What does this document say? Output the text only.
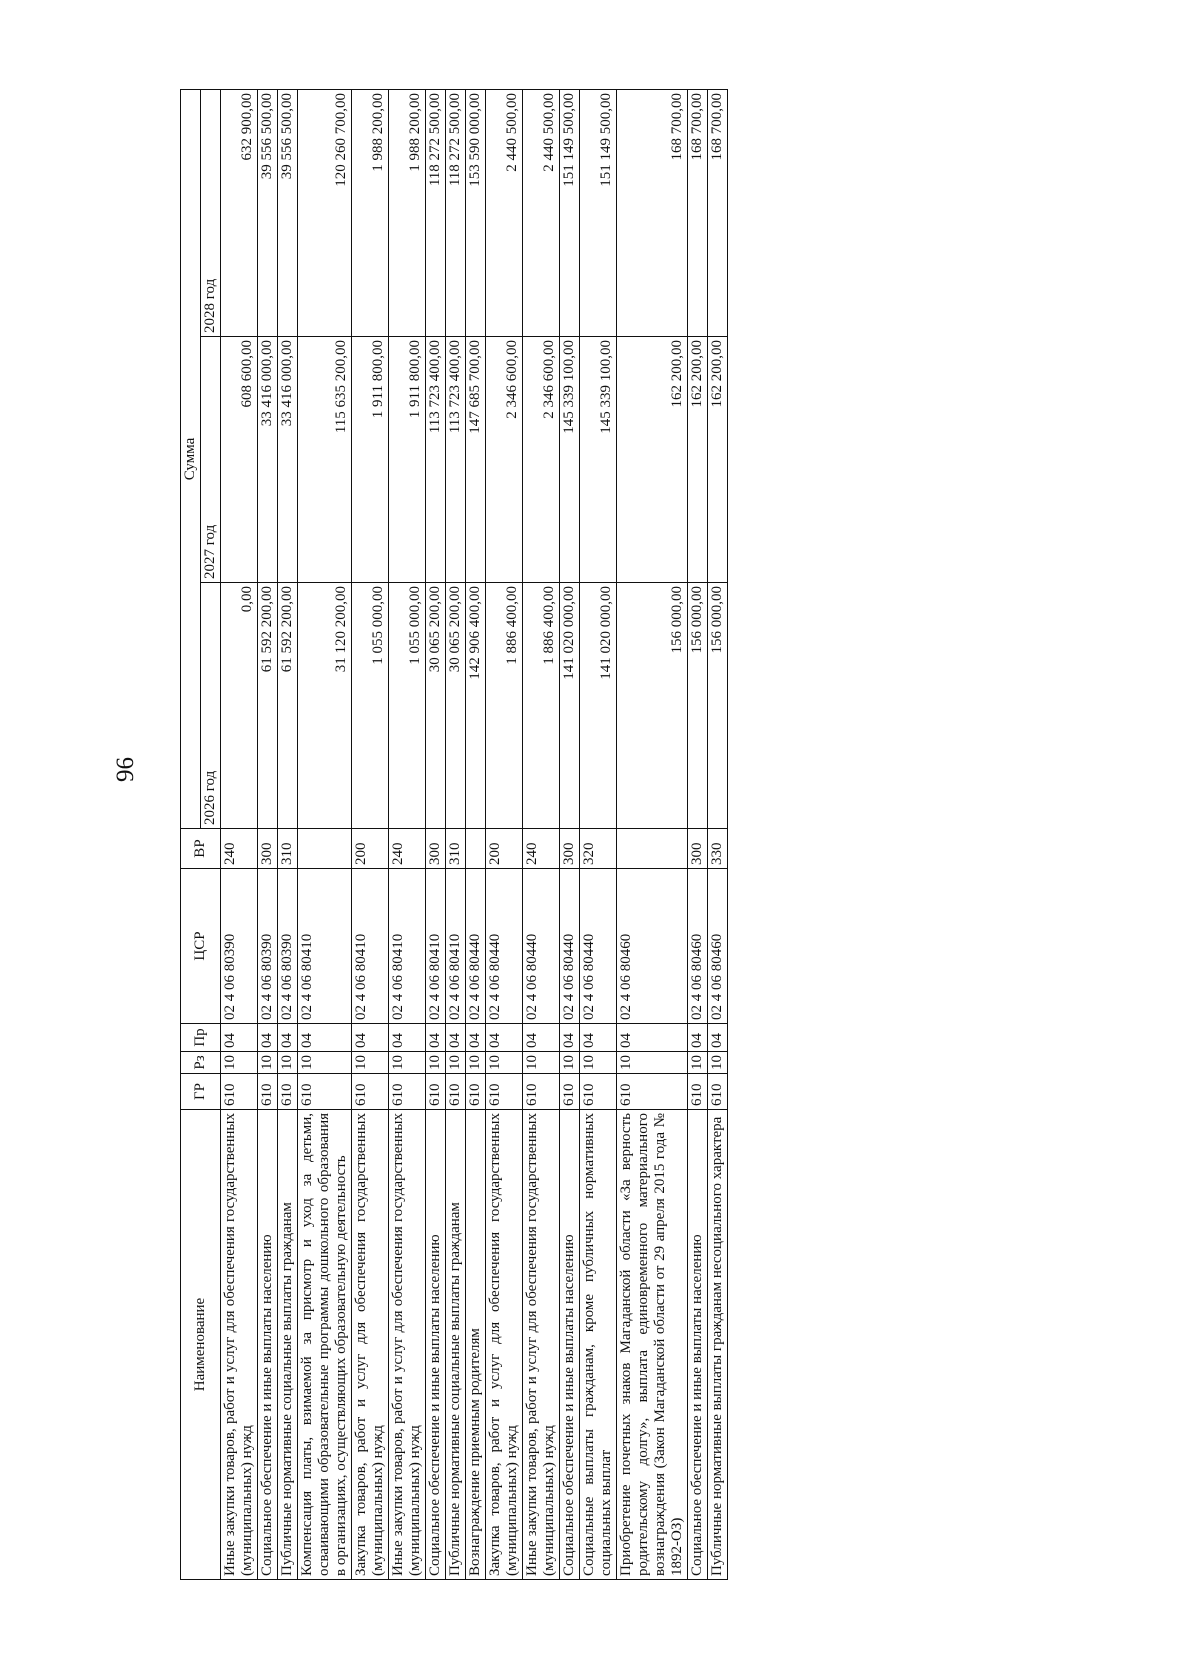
96
Наименование	ГР	Рз	Пр	ЦСР	ВР	Сумма		
						2026 год	2027 год	2028 год
Иные закупки товаров, работ и услуг для обеспечения государственных (муниципальных) нужд	610	10	04	02 4 06 80390	240	0,00	608 600,00	632 900,00
Социальное обеспечение и иные выплаты населению	610	10	04	02 4 06 80390	300	61 592 200,00	33 416 000,00	39 556 500,00
Публичные нормативные социальные выплаты гражданам	610	10	04	02 4 06 80390	310	61 592 200,00	33 416 000,00	39 556 500,00
Компенсация платы, взимаемой за присмотр и уход за детьми, осваивающими образовательные программы дошкольного образования в организациях, осуществляющих образовательную деятельность	610	10	04	02 4 06 80410		31 120 200,00	115 635 200,00	120 260 700,00
Закупка товаров, работ и услуг для обеспечения государственных (муниципальных) нужд	610	10	04	02 4 06 80410	200	1 055 000,00	1 911 800,00	1 988 200,00
Иные закупки товаров, работ и услуг для обеспечения государственных (муниципальных) нужд	610	10	04	02 4 06 80410	240	1 055 000,00	1 911 800,00	1 988 200,00
Социальное обеспечение и иные выплаты населению	610	10	04	02 4 06 80410	300	30 065 200,00	113 723 400,00	118 272 500,00
Публичные нормативные социальные выплаты гражданам	610	10	04	02 4 06 80410	310	30 065 200,00	113 723 400,00	118 272 500,00
Вознаграждение приемным родителям	610	10	04	02 4 06 80440		142 906 400,00	147 685 700,00	153 590 000,00
Закупка товаров, работ и услуг для обеспечения государственных (муниципальных) нужд	610	10	04	02 4 06 80440	200	1 886 400,00	2 346 600,00	2 440 500,00
Иные закупки товаров, работ и услуг для обеспечения государственных (муниципальных) нужд	610	10	04	02 4 06 80440	240	1 886 400,00	2 346 600,00	2 440 500,00
Социальное обеспечение и иные выплаты населению	610	10	04	02 4 06 80440	300	141 020 000,00	145 339 100,00	151 149 500,00
Социальные выплаты гражданам, кроме публичных нормативных социальных выплат	610	10	04	02 4 06 80440	320	141 020 000,00	145 339 100,00	151 149 500,00
Приобретение почетных знаков Магаданской области «За верность родительскому долгу», выплата единовременного материального вознаграждения (Закон Магаданской области от 29 апреля 2015 года № 1892-ОЗ)	610	10	04	02 4 06 80460		156 000,00	162 200,00	168 700,00
Социальное обеспечение и иные выплаты населению	610	10	04	02 4 06 80460	300	156 000,00	162 200,00	168 700,00
Публичные нормативные выплаты гражданам несоциального характера	610	10	04	02 4 06 80460	330	156 000,00	162 200,00	168 700,00
